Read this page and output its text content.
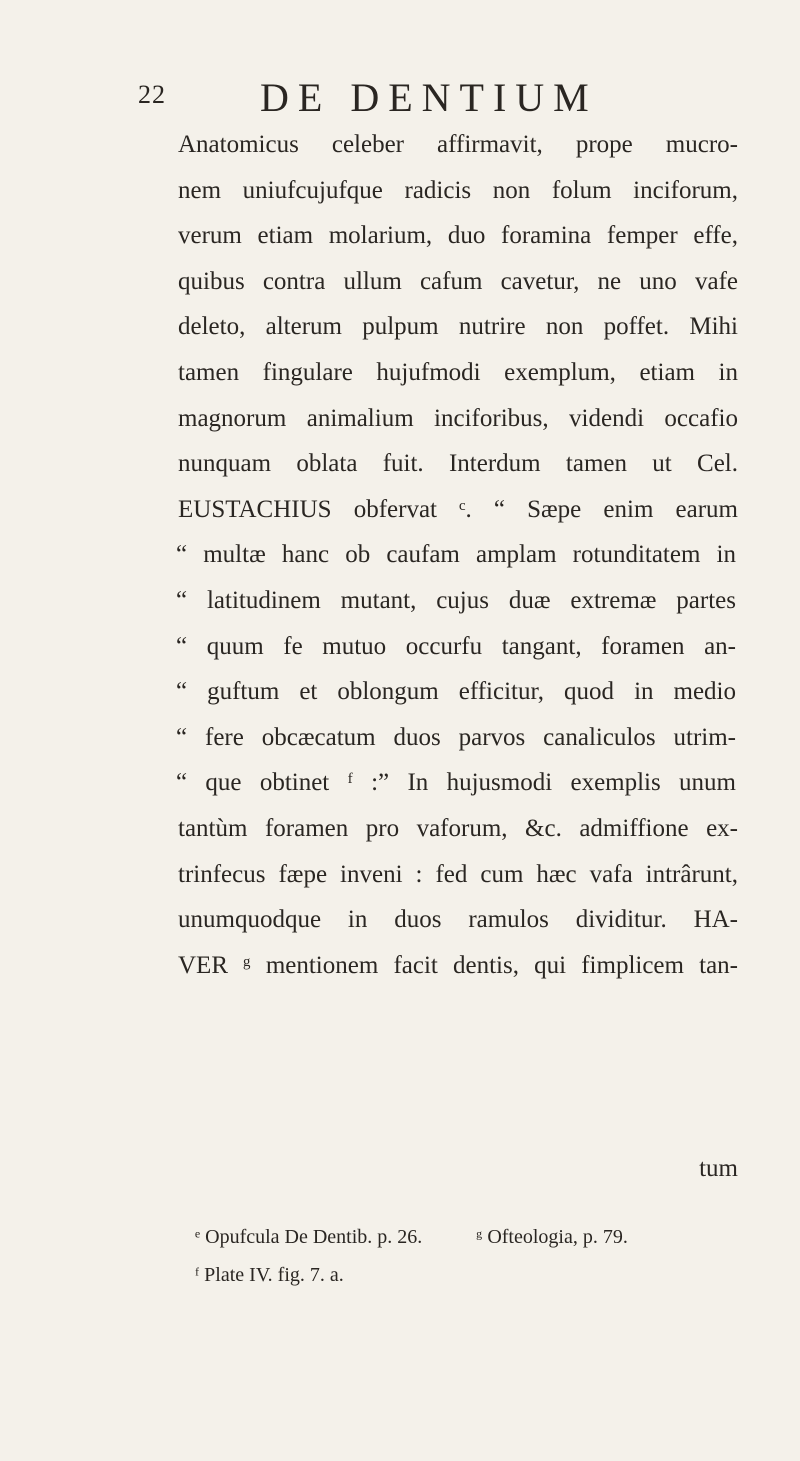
22 DE DENTIUM
Anatomicus celeber affirmavit, prope mucro-
nem uniufcujufque radicis non folum inciforum,
verum etiam molarium, duo foramina femper effe,
quibus contra ullum cafum cavetur, ne uno vafe
deleto, alterum pulpum nutrire non poffet. Mihi
tamen fingulare hujufmodi exemplum, etiam in
magnorum animalium inciforibus, videndi occafio
nunquam oblata fuit. Interdum tamen ut Cel.
EUSTACHIUS obfervat ᶜ. “ Sæpe enim earum
“ multæ hanc ob caufam amplam rotunditatem in
“ latitudinem mutant, cujus duæ extremæ partes
“ quum fe mutuo occurfu tangant, foramen an-
“ guftum et oblongum efficitur, quod in medio
“ fere obcæcatum duos parvos canaliculos utrim-
“ que obtinet ᶠ :” In hujusmodi exemplis unum
tantùm foramen pro vaforum, &c. admiffione ex-
trinfecus fæpe inveni : fed cum hæc vafa intrârunt,
unumquodque in duos ramulos dividitur. HA-
VER ᵍ mentionem facit dentis, qui fimplicem tan-
tum
ᵉ Opufcula De Dentib. p. 26.	ᵍ Ofteologia, p. 79.
ᶠ Plate IV. fig. 7. a.
